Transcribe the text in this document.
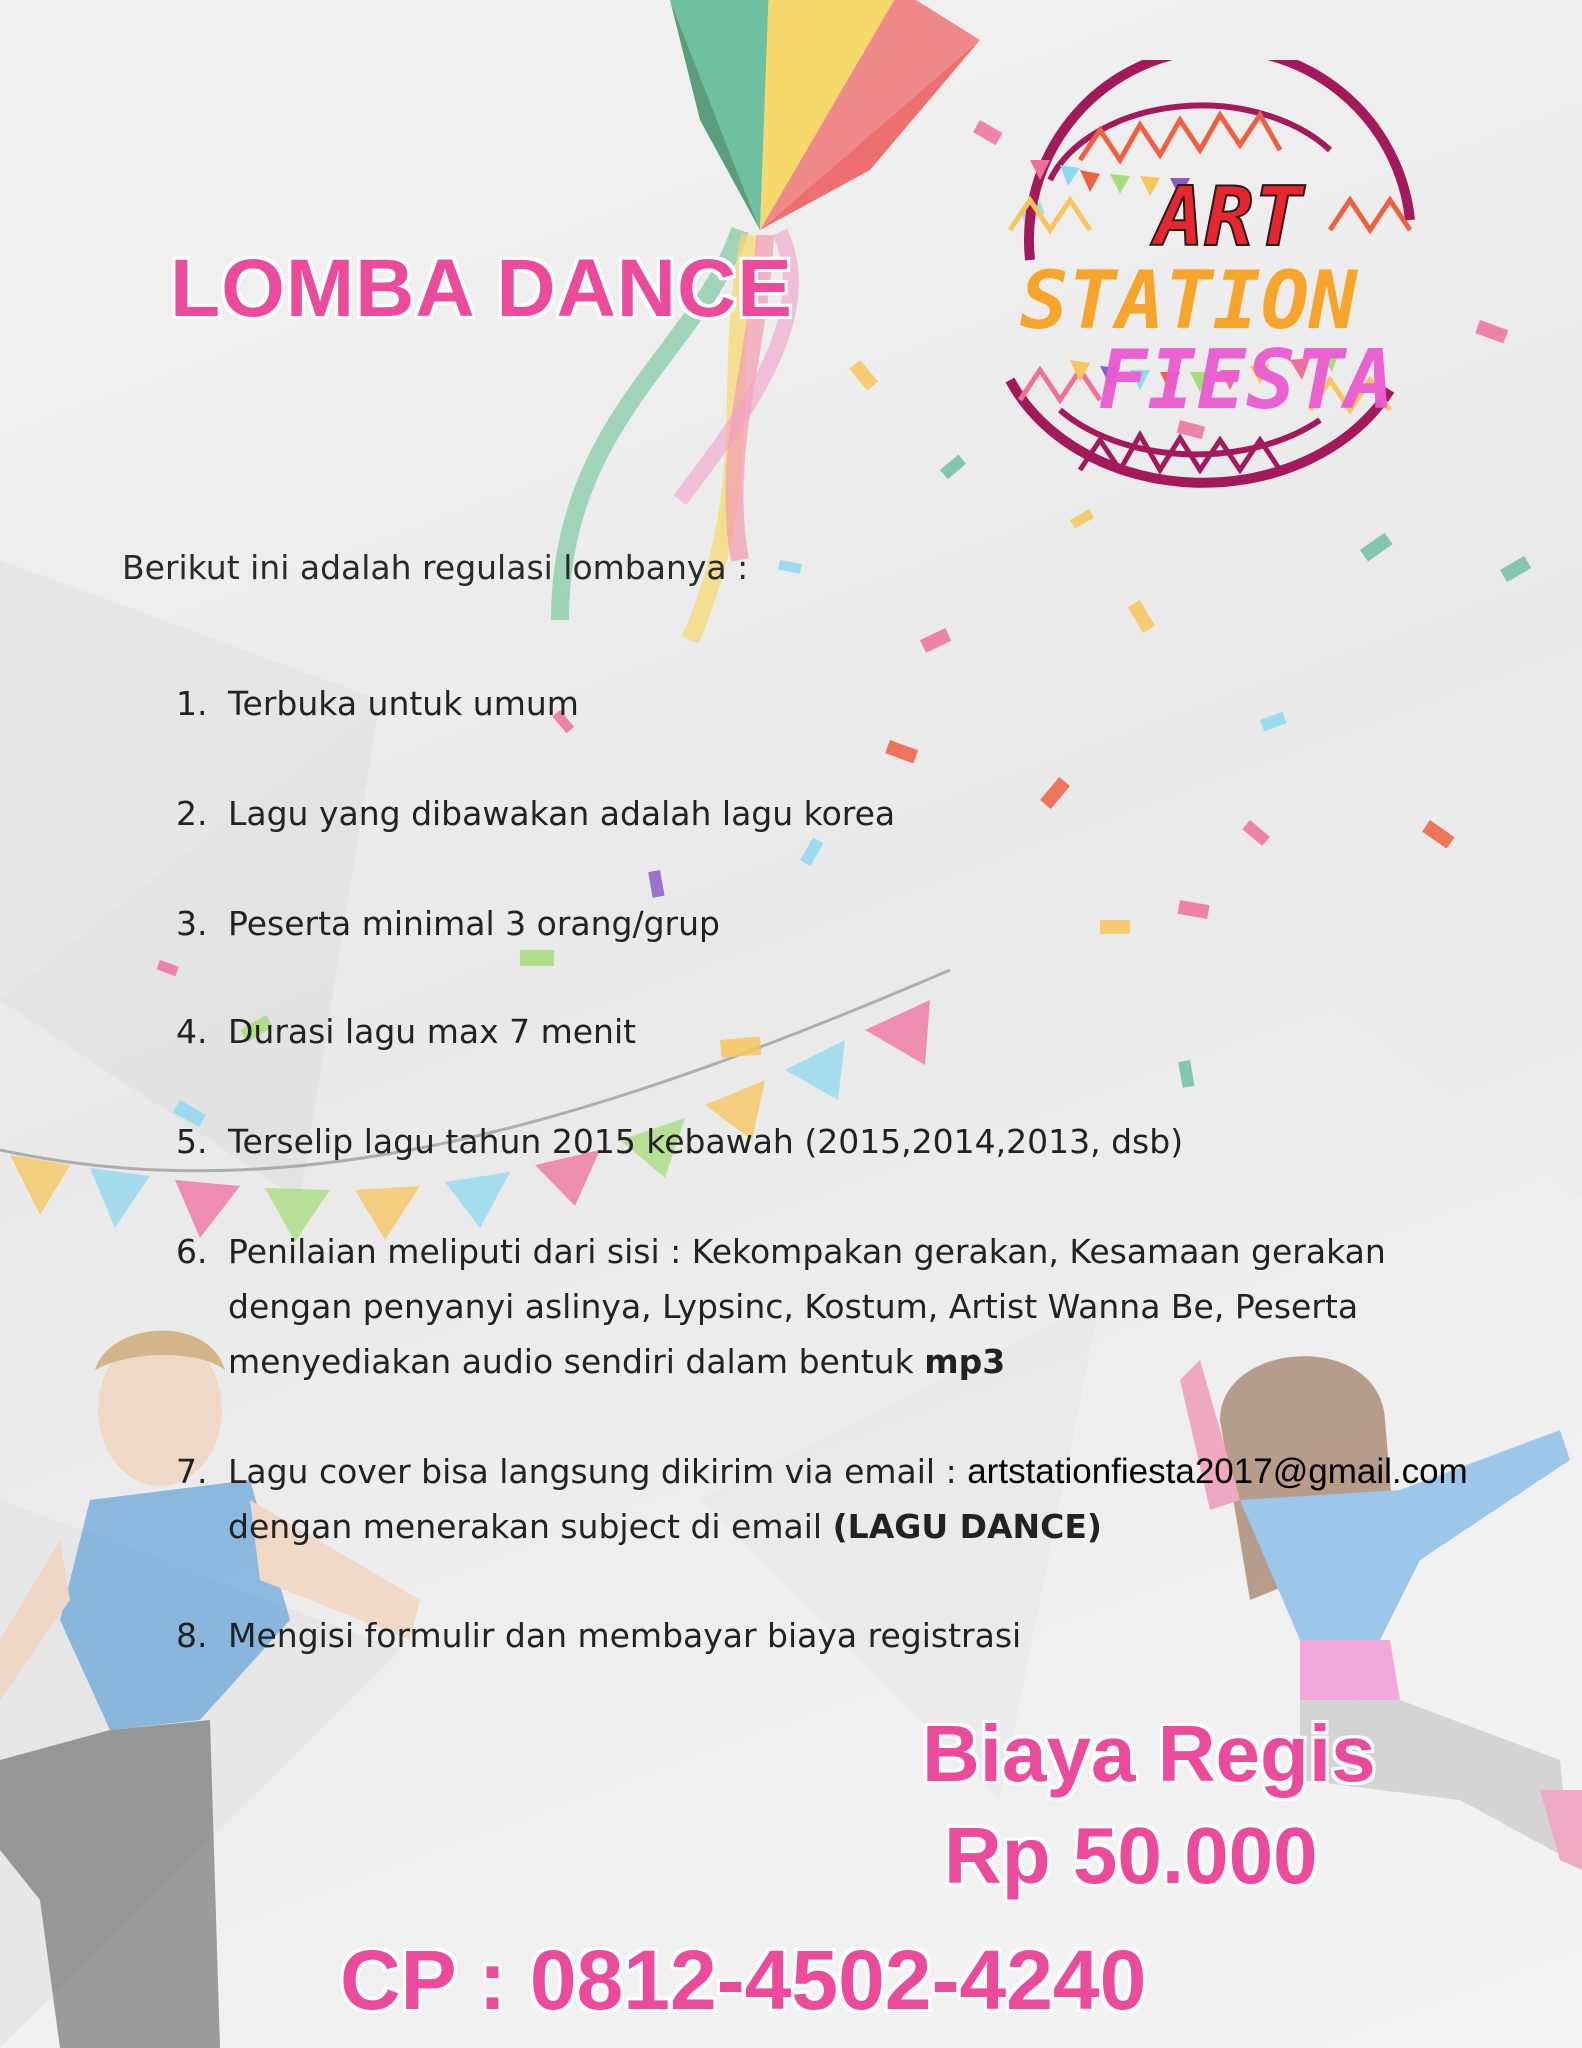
ART
STATION
FIESTA
LOMBA DANCE
Berikut ini adalah regulasi lombanya :
1. Terbuka untuk umum
2. Lagu yang dibawakan adalah lagu korea
3. Peserta minimal 3 orang/grup
4. Durasi lagu max 7 menit
5. Terselip lagu tahun 2015 kebawah (2015,2014,2013, dsb)
6. Penilaian meliputi dari sisi : Kekompakan gerakan, Kesamaan gerakan dengan penyanyi aslinya, Lypsinc, Kostum, Artist Wanna Be, Peserta menyediakan audio sendiri dalam bentuk mp3
7. Lagu cover bisa langsung dikirim via email : artstationfiesta2017@gmail.com
dengan menerakan subject di email (LAGU DANCE)
8. Mengisi formulir dan membayar biaya registrasi
Biaya Regis
Rp 50.000
CP : 0812-4502-4240
